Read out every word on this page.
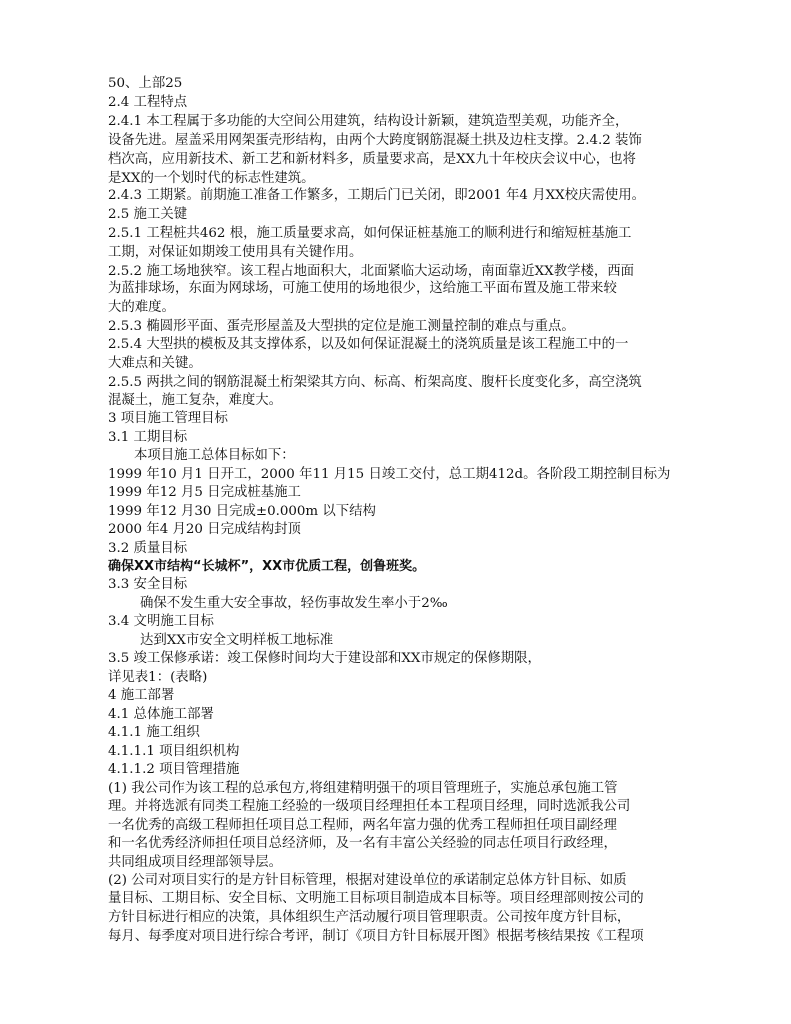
50、上部25

2.4 工程特点

2.4.1 本工程属于多功能的大空间公用建筑，结构设计新颖，建筑造型美观，功能齐全，

设备先进。屋盖采用网架蛋壳形结构，由两个大跨度钢筋混凝土拱及边柱支撑。2.4.2 装饰

档次高，应用新技术、新工艺和新材料多，质量要求高，是XX九十年校庆会议中心，也将

是XX的一个划时代的标志性建筑。

2.4.3 工期紧。前期施工准备工作繁多，工期后门已关闭，即2001 年4 月XX校庆需使用。

2.5 施工关键

2.5.1 工程桩共462 根，施工质量要求高，如何保证桩基施工的顺利进行和缩短桩基施工

工期，对保证如期竣工使用具有关键作用。

2.5.2 施工场地狭窄。该工程占地面积大，北面紧临大运动场，南面靠近XX教学楼，西面

为蓝排球场，东面为网球场，可施工使用的场地很少，这给施工平面布置及施工带来较

大的难度。

2.5.3 椭圆形平面、蛋壳形屋盖及大型拱的定位是施工测量控制的难点与重点。

2.5.4 大型拱的模板及其支撑体系，以及如何保证混凝土的浇筑质量是该工程施工中的一

大难点和关键。

2.5.5 两拱之间的钢筋混凝土桁架梁其方向、标高、桁架高度、腹杆长度变化多，高空浇筑

混凝土，施工复杂，难度大。

3 项目施工管理目标

3.1 工期目标

本项目施工总体目标如下：

1999 年10 月1 日开工，2000 年11 月15 日竣工交付，总工期412d。各阶段工期控制目标为

1999 年12 月5 日完成桩基施工

1999 年12 月30 日完成±0.000m 以下结构

2000 年4 月20 日完成结构封顶

3.2 质量目标

确保XX市结构“长城杯”，XX市优质工程，创鲁班奖。

3.3 安全目标

确保不发生重大安全事故，轻伤事故发生率小于2‰

3.4 文明施工目标

达到XX市安全文明样板工地标准

3.5 竣工保修承诺：竣工保修时间均大于建设部和XX市规定的保修期限，

详见表1：(表略)

4 施工部署

4.1 总体施工部署

4.1.1 施工组织

4.1.1.1 项目组织机构

4.1.1.2 项目管理措施

(1) 我公司作为该工程的总承包方,将组建精明强干的项目管理班子，实施总承包施工管

理。并将选派有同类工程施工经验的一级项目经理担任本工程项目经理，同时选派我公司

一名优秀的高级工程师担任项目总工程师，两名年富力强的优秀工程师担任项目副经理

和一名优秀经济师担任项目总经济师，及一名有丰富公关经验的同志任项目行政经理，

共同组成项目经理部领导层。

(2) 公司对项目实行的是方针目标管理，根据对建设单位的承诺制定总体方针目标、如质

量目标、工期目标、安全目标、文明施工目标项目制造成本目标等。项目经理部则按公司的

方针目标进行相应的决策，具体组织生产活动履行项目管理职责。公司按年度方针目标，

每月、每季度对项目进行综合考评，制订《项目方针目标展开图》根据考核结果按《工程项
